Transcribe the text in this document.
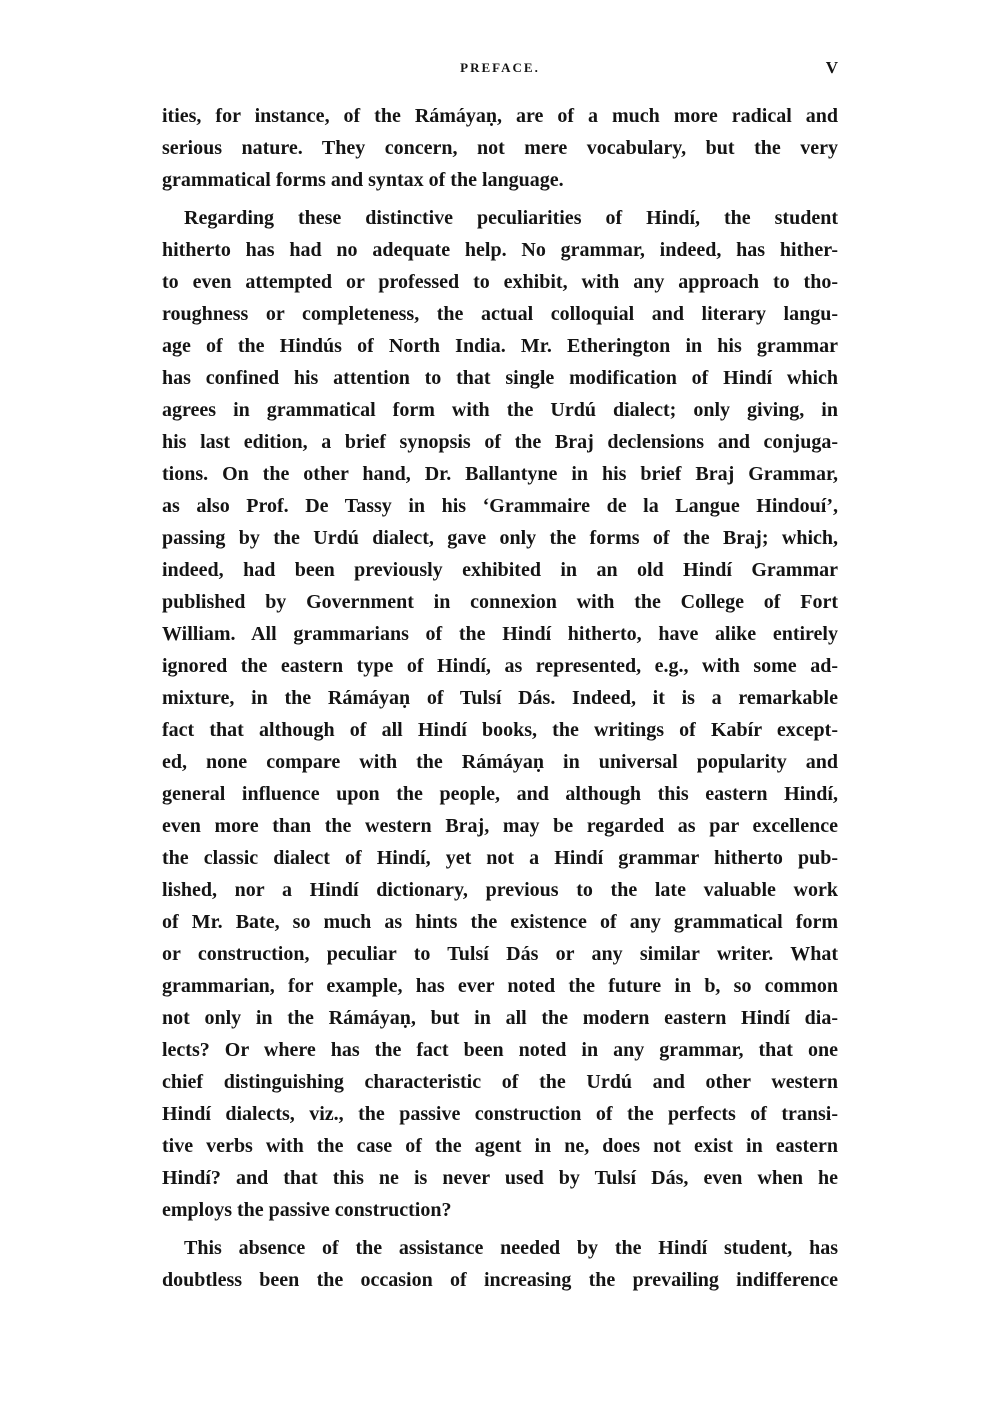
PREFACE.	V
ities, for instance, of the Rámáyaṇ, are of a much more radical and
serious nature. They concern, not mere vocabulary, but the very
grammatical forms and syntax of the language.
Regarding these distinctive peculiarities of Hindí, the student
hitherto has had no adequate help. No grammar, indeed, has hither-
to even attempted or professed to exhibit, with any approach to tho-
roughness or completeness, the actual colloquial and literary langu-
age of the Hindús of North India. Mr. Etherington in his grammar
has confined his attention to that single modification of Hindí which
agrees in grammatical form with the Urdú dialect; only giving, in
his last edition, a brief synopsis of the Braj declensions and conjuga-
tions. On the other hand, Dr. Ballantyne in his brief Braj Grammar,
as also Prof. De Tassy in his ‘Grammaire de la Langue Hindouí’,
passing by the Urdú dialect, gave only the forms of the Braj; which,
indeed, had been previously exhibited in an old Hindí Grammar
published by Government in connexion with the College of Fort
William. All grammarians of the Hindí hitherto, have alike entirely
ignored the eastern type of Hindí, as represented, e.g., with some ad-
mixture, in the Rámáyaṇ of Tulsí Dás. Indeed, it is a remarkable
fact that although of all Hindí books, the writings of Kabír except-
ed, none compare with the Rámáyaṇ in universal popularity and
general influence upon the people, and although this eastern Hindí,
even more than the western Braj, may be regarded as par excellence
the classic dialect of Hindí, yet not a Hindí grammar hitherto pub-
lished, nor a Hindí dictionary, previous to the late valuable work
of Mr. Bate, so much as hints the existence of any grammatical form
or construction, peculiar to Tulsí Dás or any similar writer. What
grammarian, for example, has ever noted the future in b, so common
not only in the Rámáyaṇ, but in all the modern eastern Hindí dia-
lects? Or where has the fact been noted in any grammar, that one
chief distinguishing characteristic of the Urdú and other western
Hindí dialects, viz., the passive construction of the perfects of transi-
tive verbs with the case of the agent in ne, does not exist in eastern
Hindí? and that this ne is never used by Tulsí Dás, even when he
employs the passive construction?
This absence of the assistance needed by the Hindí student, has
doubtless been the occasion of increasing the prevailing indifference
